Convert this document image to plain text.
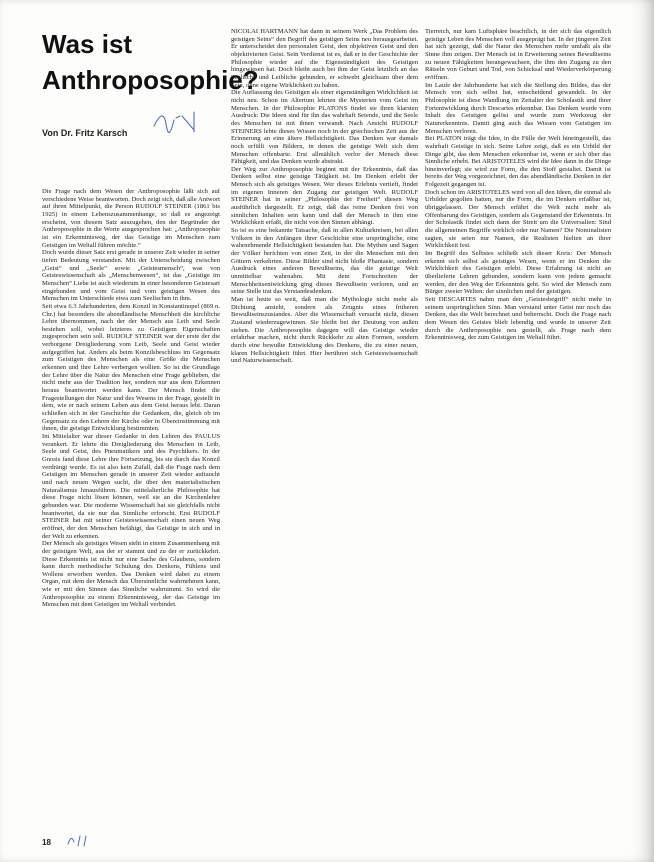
Was ist Anthroposophie?
Von Dr. Fritz Karsch

Die Frage nach dem Wesen der Anthroposophie läßt sich auf verschiedene Weise beantworten. Doch zeigt sich, daß alle Antwort auf ihren Mittelpunkt, die Person RUDOLF STEINER (1861 bis 1925) in einem Lebenszusammenhange, so daß es angezeigt erscheint, von diesem Satz auszugehen, den der Begründer der Anthroposophie in die Worte ausgesprochen hat: „Anthroposophie ist ein Erkenntnisweg, der das Geistige im Menschen zum Geistigen im Weltall führen möchte.“

Doch wurde dieser Satz erst gerade in unserer Zeit wieder in seiner tiefen Bedeutung verstanden. Mit der Unterscheidung zwischen „Geist“ und „Seele“ sowie „Geistesmensch“, was von Geisteswissenschaft als „Menschenwesen“, ist das „Geistige im Menschen“ Liebe ist auch wiederum in einer besonderen Geistesart eingebunden und vom Geist und vom geistigen Wesen des Menschen im Unterschiede etwa zum Seelischen in ihm.

Seit etwa 6.3 Jahrhunderten, dem Konzil in Konstantinopel (869 n. Chr.) hat besonders die abendländische Menschheit die kirchliche Lehre übernommen, nach der der Mensch aus Leib und Seele bestehen soll, wobei letzteres zu Geistigem Eigenschaften zugesprochen sein soll. RUDOLF STEINER war der erste der die verborgene Dreigliederung vom Leib, Seele und Geist wieder aufgegriffen hat. Anders als beim Konzilsbeschluss im Gegensatz zum Geistigen des Menschen als eine Größe die Menschen erkennen und ihre Lehre verbergen wollten. So ist die Grundlage der Lehre über die Natur des Menschen eine Frage geblieben, die nicht mehr aus der Tradition her, sondern nur aus dem Erkennen heraus beantwortet werden kann. Der Mensch findet die Fragestellungen der Natur und des Wesens in der Frage, gestellt in dem, wie er nach seinem Leben aus dem Geist heraus lebt. Daran schließen sich in der Geschichte die Gedanken, die, gleich ob im Gegensatz zu den Lehren der Kirche oder in Übereinstimmung mit ihnen, die geistige Entwicklung bestimmten.

Im Mittelalter war dieser Gedanke in den Lehren des PAULUS verankert. Er lehrte die Dreigliederung des Menschen in Leib, Seele und Geist, des Pneumatikers und des Psychikers. In der Gnosis fand diese Lehre ihre Fortsetzung, bis sie durch das Konzil verdrängt wurde. Es ist also kein Zufall, daß die Frage nach dem Geistigen im Menschen gerade in unserer Zeit wieder auftaucht und nach neuen Wegen sucht, die über den materialistischen Naturalismus hinausführen. Die mittelalterliche Philosophie hat diese Frage nicht lösen können, weil sie an die Kirchenlehre gebunden war. Die moderne Wissenschaft hat sie gleichfalls nicht beantwortet, da sie nur das Sinnliche erforscht. Erst RUDOLF STEINER hat mit seiner Geisteswissenschaft einen neuen Weg eröffnet, der den Menschen befähigt, das Geistige in sich und in der Welt zu erkennen.

Der Mensch als geistiges Wesen steht in einem Zusammenhang mit der geistigen Welt, aus der er stammt und zu der er zurückkehrt. Diese Erkenntnis ist nicht nur eine Sache des Glaubens, sondern kann durch methodische Schulung des Denkens, Fühlens und Wollens erworben werden. Das Denken wird dabei zu einem Organ, mit dem der Mensch das Übersinnliche wahrnehmen kann, wie er mit den Sinnen das Sinnliche wahrnimmt. So wird die Anthroposophie zu einem Erkenntnisweg, der das Geistige im Menschen mit dem Geistigen im Weltall verbindet.

NICOLAI HARTMANN hat dann in seinem Werk „Das Problem des geistigen Seins“ den Begriff des geistigen Seins neu herausgearbeitet. Er unterscheidet den personalen Geist, den objektiven Geist und den objektivierten Geist. Sein Verdienst ist es, daß er in der Geschichte der Philosophie wieder auf die Eigenständigkeit des Geistigen hingewiesen hat. Doch bleibt auch bei ihm der Geist letztlich an das Seelische und Leibliche gebunden, er schwebt gleichsam über dem Sein, ohne eigene Wirklichkeit zu haben.

Die Auffassung des Geistigen als einer eigenständigen Wirklichkeit ist nicht neu. Schon im Altertum lehrten die Mysterien vom Geist im Menschen. In der Philosophie PLATONS findet sie ihren klarsten Ausdruck: Die Ideen sind für ihn das wahrhaft Seiende, und die Seele des Menschen ist mit ihnen verwandt. Nach Ansicht RUDOLF STEINERS lebte dieses Wissen noch in der griechischen Zeit aus der Erinnerung an eine ältere Hellsichtigkeit. Das Denken war damals noch erfüllt von Bildern, in denen die geistige Welt sich dem Menschen offenbarte. Erst allmählich verlor der Mensch diese Fähigkeit, und das Denken wurde abstrakt.

Der Weg zur Anthroposophie beginnt mit der Erkenntnis, daß das Denken selbst eine geistige Tätigkeit ist. Im Denken erlebt der Mensch sich als geistiges Wesen. Wer dieses Erlebnis vertieft, findet im eigenen Inneren den Zugang zur geistigen Welt. RUDOLF STEINER hat in seiner „Philosophie der Freiheit“ diesen Weg ausführlich dargestellt. Er zeigt, daß das reine Denken frei von sinnlichen Inhalten sein kann und daß der Mensch in ihm eine Wirklichkeit erfaßt, die nicht von den Sinnen abhängt.

So ist es eine bekannte Tatsache, daß in allen Kulturkreisen, bei allen Völkern in den Anfängen ihrer Geschichte eine ursprüngliche, eine wahrnehmende Hellsichtigkeit bestanden hat. Die Mythen und Sagen der Völker berichten von einer Zeit, in der die Menschen mit den Göttern verkehrten. Diese Bilder sind nicht bloße Phantasie, sondern Ausdruck eines anderen Bewußtseins, das die geistige Welt unmittelbar wahrnahm. Mit dem Fortschreiten der Menschheitsentwicklung ging dieses Bewußtsein verloren, und an seine Stelle trat das Verstandesdenken.

Man ist heute so weit, daß man die Mythologie nicht mehr als Dichtung ansieht, sondern als Zeugnis eines früheren Bewußtseinszustandes. Aber die Wissenschaft versucht nicht, diesen Zustand wiederzugewinnen. Sie bleibt bei der Deutung von außen stehen. Die Anthroposophie dagegen will das Geistige wieder erfahrbar machen, nicht durch Rückkehr zu alten Formen, sondern durch eine bewußte Entwicklung des Denkens, die zu einer neuen, klaren Hellsichtigkeit führt. Hier berühren sich Geisteswissenschaft und Naturwissenschaft.

Tierreich, nur kam Luftsphäre beachtlich, in der sich das eigentlich geistige Leben des Menschen voll ausgeprägt hat. In der jüngeren Zeit hat sich gezeigt, daß die Natur des Menschen mehr umfaßt als die Sinne ihm zeigen. Der Mensch ist in Erweiterung seines Bewußtseins zu neuen Fähigkeiten herangewachsen, die ihm den Zugang zu den Rätseln von Geburt und Tod, von Schicksal und Wiederverkörperung eröffnen.

Im Laufe der Jahrhunderte hat sich die Stellung des Bildes, das der Mensch von sich selbst hat, entscheidend gewandelt. In der Philosophie ist diese Wandlung im Zeitalter der Scholastik und ihrer Fortentwicklung durch Descartes erkennbar. Das Denken wurde vom Inhalt des Geistigen gelöst und wurde zum Werkzeug der Naturerkenntnis. Damit ging auch das Wissen vom Geistigen im Menschen verloren.

Bei PLATON trägt die Idee, in die Fülle der Welt hineingestellt, das wahrhaft Geistige in sich. Seine Lehre zeigt, daß es ein Urbild der Dinge gibt, das dem Menschen erkennbar ist, wenn er sich über das Sinnliche erhebt. Bei ARISTOTELES wird die Idee dann in die Dinge hineinverlegt; sie wird zur Form, die den Stoff gestaltet. Damit ist bereits der Weg vorgezeichnet, den das abendländische Denken in der Folgezeit gegangen ist.

Doch schon im ARISTOTELES wird von all den Ideen, die einmal als Urbilder gegolten hatten, nur die Form, die im Denken erfaßbar ist, übriggelassen. Der Mensch erfährt die Welt nicht mehr als Offenbarung des Geistigen, sondern als Gegenstand der Erkenntnis. In der Scholastik findet sich dann der Streit um die Universalien: Sind die allgemeinen Begriffe wirklich oder nur Namen? Die Nominalisten sagten, sie seien nur Namen, die Realisten hielten an ihrer Wirklichkeit fest.

Im Begriff des Selbstes schließt sich dieser Kreis: Der Mensch erkennt sich selbst als geistiges Wesen, wenn er im Denken die Wirklichkeit des Geistigen erlebt. Diese Erfahrung ist nicht an überlieferte Lehren gebunden, sondern kann von jedem gemacht werden, der den Weg der Erkenntnis geht. So wird der Mensch zum Bürger zweier Welten: der sinnlichen und der geistigen.

Seit DESCARTES nahm man den „Geistesbegriff“ nicht mehr in seinem ursprünglichen Sinn. Man verstand unter Geist nur noch das Denken, das die Welt berechnet und beherrscht. Doch die Frage nach dem Wesen des Geistes blieb lebendig und wurde in unserer Zeit durch die Anthroposophie neu gestellt, als Frage nach dem Erkenntnisweg, der zum Geistigen im Weltall führt.

18
